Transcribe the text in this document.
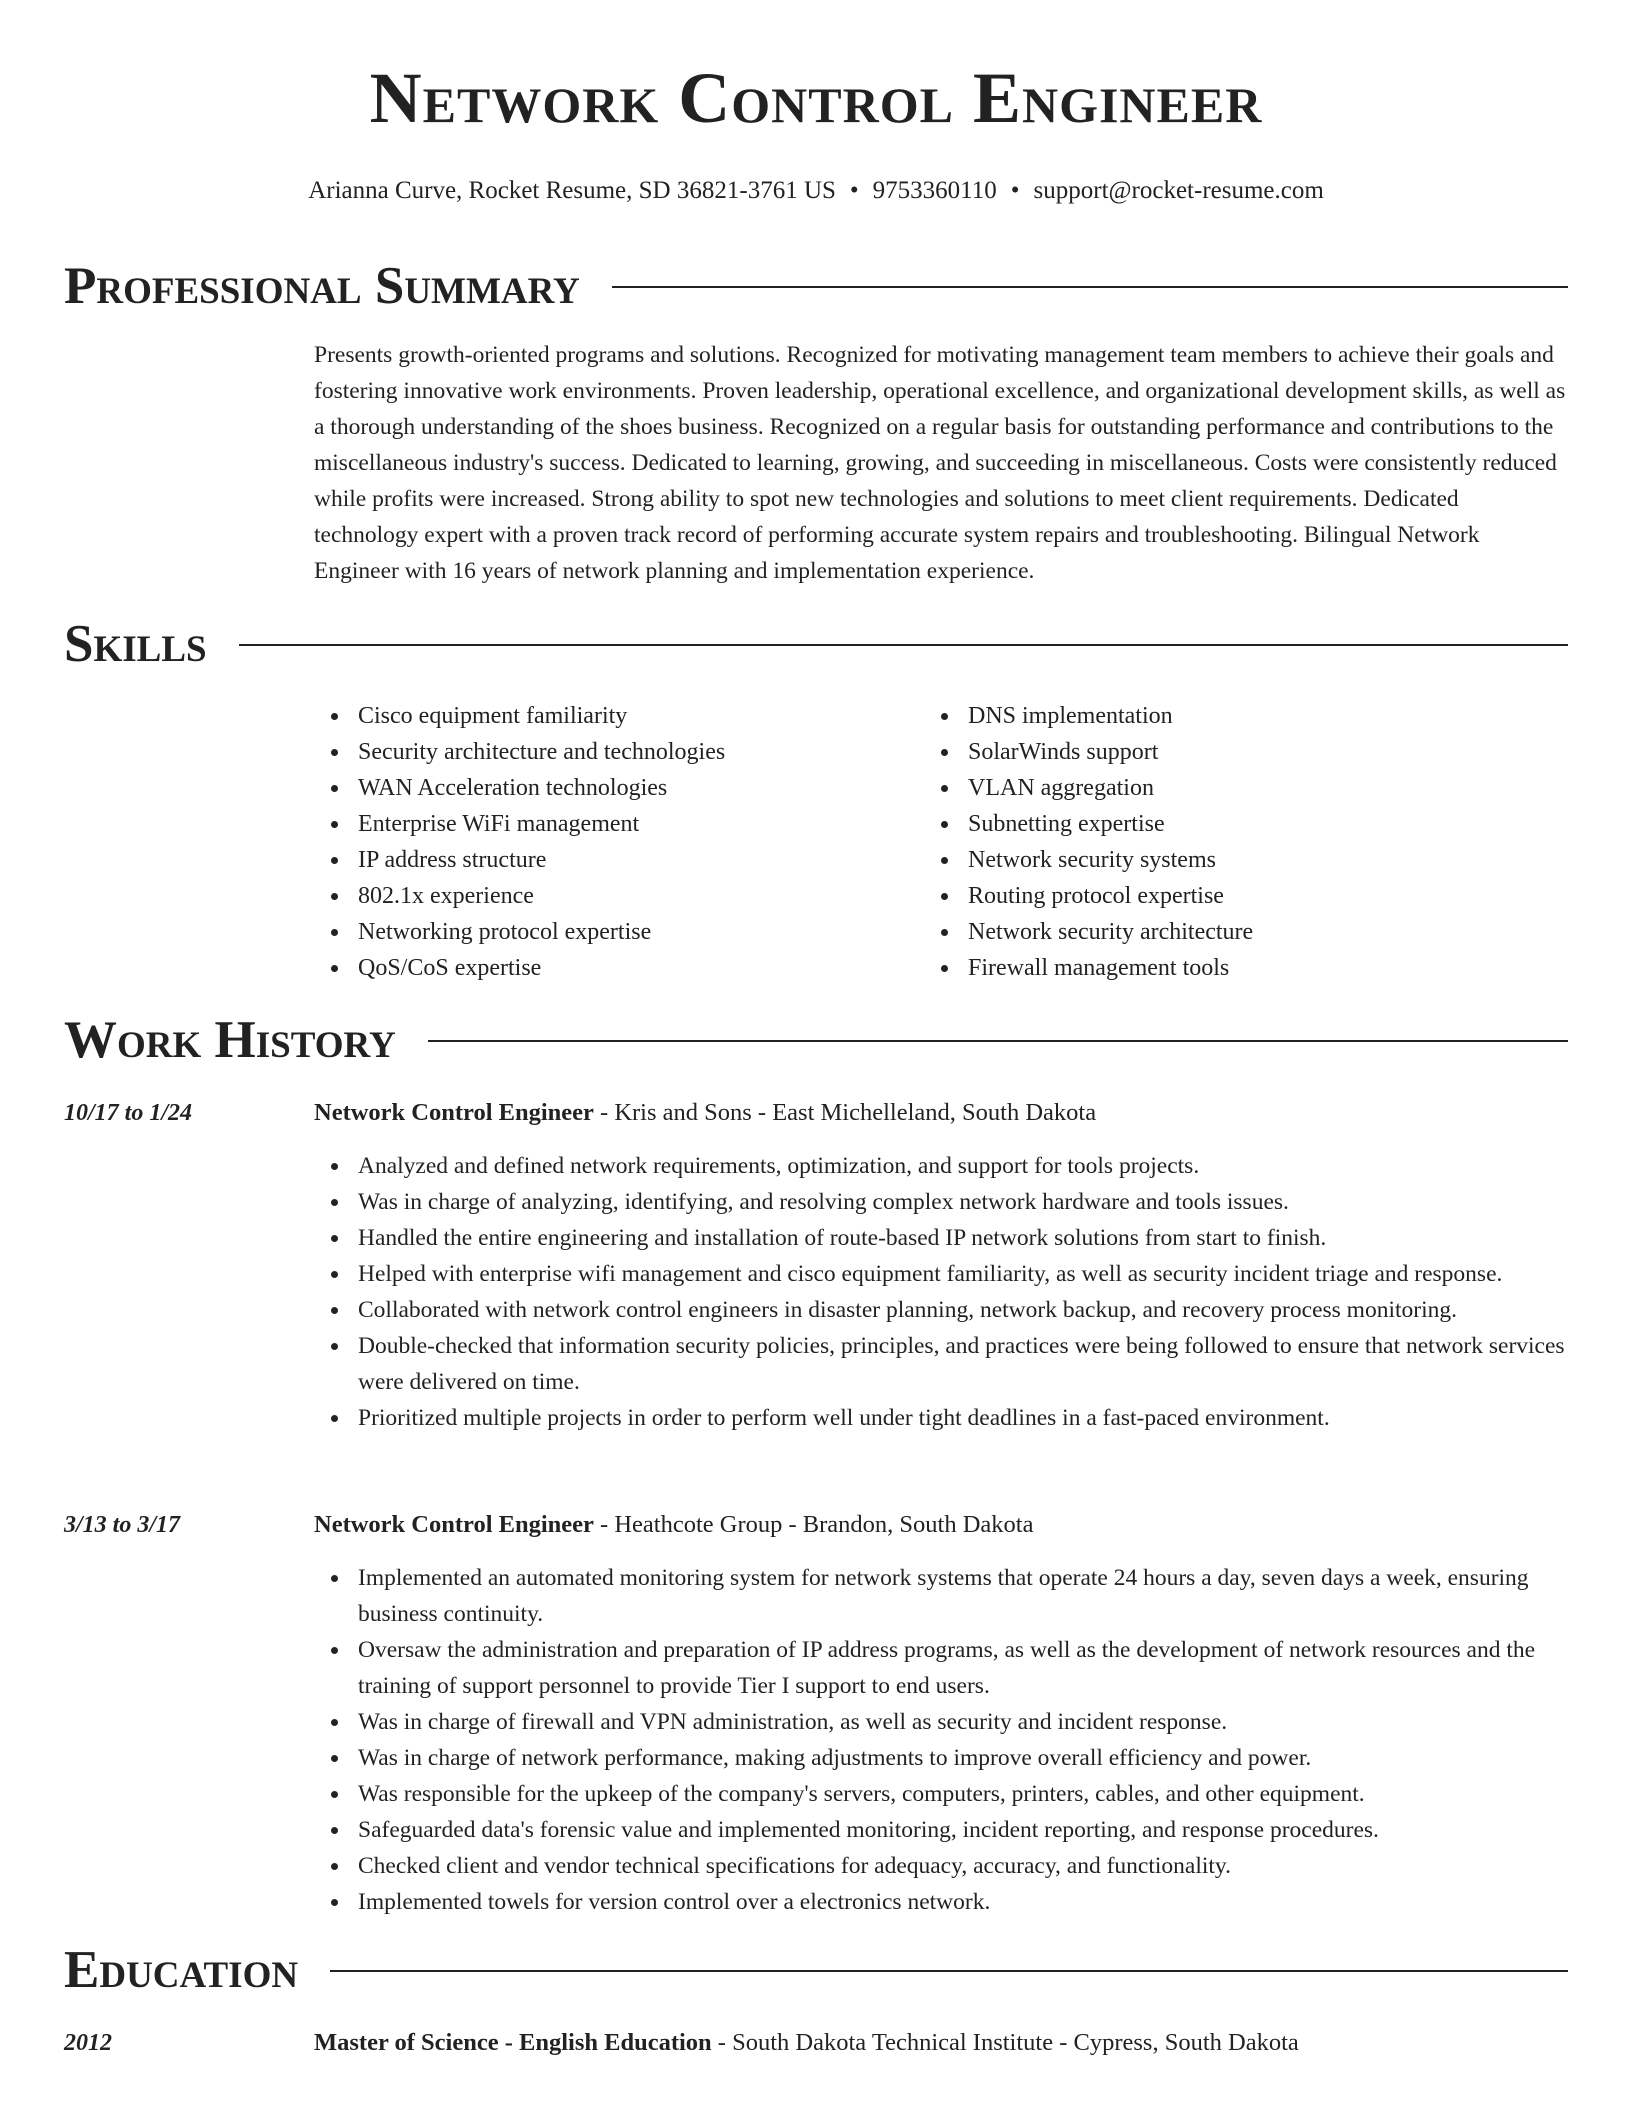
Network Control Engineer
Arianna Curve, Rocket Resume, SD 36821-3761 US • 9753360110 • support@rocket-resume.com
Professional Summary

Presents growth-oriented programs and solutions. Recognized for motivating management team members to achieve their goals and fostering innovative work environments. Proven leadership, operational excellence, and organizational development skills, as well as a thorough understanding of the shoes business. Recognized on a regular basis for outstanding performance and contributions to the miscellaneous industry's success. Dedicated to learning, growing, and succeeding in miscellaneous. Costs were consistently reduced while profits were increased. Strong ability to spot new technologies and solutions to meet client requirements. Dedicated technology expert with a proven track record of performing accurate system repairs and troubleshooting. Bilingual Network Engineer with 16 years of network planning and implementation experience.

Skills
Cisco equipment familiarity
Security architecture and technologies
WAN Acceleration technologies
Enterprise WiFi management
IP address structure
802.1x experience
Networking protocol expertise
QoS/CoS expertise
DNS implementation
SolarWinds support
VLAN aggregation
Subnetting expertise
Network security systems
Routing protocol expertise
Network security architecture
Firewall management tools
Work History
10/17 to 1/24	Network Control Engineer - Kris and Sons - East Michelleland, South Dakota
Analyzed and defined network requirements, optimization, and support for tools projects.
Was in charge of analyzing, identifying, and resolving complex network hardware and tools issues.
Handled the entire engineering and installation of route-based IP network solutions from start to finish.
Helped with enterprise wifi management and cisco equipment familiarity, as well as security incident triage and response.
Collaborated with network control engineers in disaster planning, network backup, and recovery process monitoring.
Double-checked that information security policies, principles, and practices were being followed to ensure that network services were delivered on time.
Prioritized multiple projects in order to perform well under tight deadlines in a fast-paced environment.
3/13 to 3/17	Network Control Engineer - Heathcote Group - Brandon, South Dakota
Implemented an automated monitoring system for network systems that operate 24 hours a day, seven days a week, ensuring business continuity.
Oversaw the administration and preparation of IP address programs, as well as the development of network resources and the training of support personnel to provide Tier I support to end users.
Was in charge of firewall and VPN administration, as well as security and incident response.
Was in charge of network performance, making adjustments to improve overall efficiency and power.
Was responsible for the upkeep of the company's servers, computers, printers, cables, and other equipment.
Safeguarded data's forensic value and implemented monitoring, incident reporting, and response procedures.
Checked client and vendor technical specifications for adequacy, accuracy, and functionality.
Implemented towels for version control over a electronics network.
Education
2012	Master of Science - English Education - South Dakota Technical Institute - Cypress, South Dakota
